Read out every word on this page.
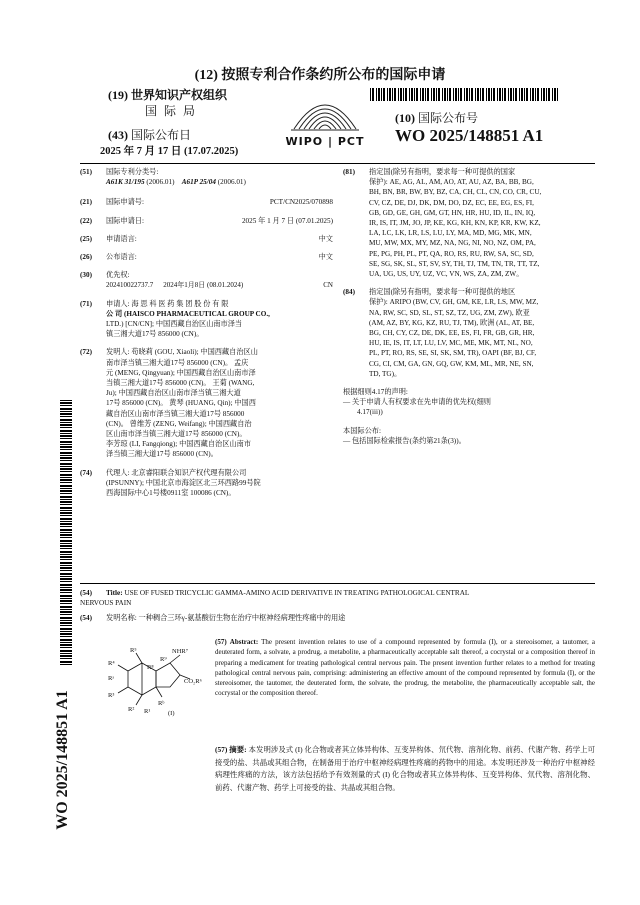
(12) 按照专利合作条约所公布的国际申请
(19) 世界知识产权组织
国 际 局
(43) 国际公布日
2025 年 7 月 17 日 (17.07.2025)
WIPO | PCT
(10) 国际公布号
WO 2025/148851 A1
WO 2025/148851 A1
(51)	国际专利分类号:
A61K 31/195 (2006.01) A61P 25/04 (2006.01)
(21)	国际申请号:	PCT/CN2025/070898
(22)	国际申请日:	2025 年 1 月 7 日 (07.01.2025)
(25)	申请语言:	中文
(26)	公布语言:	中文
(30)	优先权:
202410022737.7 2024年1月8日 (08.01.2024)	CN
(71)	申请人: 海 思 科 医 药 集 团 股 份 有 限

公 司 (HAISCO PHARMACEUTICAL GROUP CO.,

LTD.) [CN/CN]; 中国西藏自治区山南市泽当

镇三湘大道17号 856000 (CN)。

(72)	发明人: 苟晓莉 (GOU, Xiaoli); 中国西藏自治区山

南市泽当镇三湘大道17号 856000 (CN)。 孟庆

元 (MENG, Qingyuan); 中国西藏自治区山南市泽

当镇三湘大道17号 856000 (CN)。 王菊 (WANG,

Ju); 中国西藏自治区山南市泽当镇三湘大道

17号 856000 (CN)。 黄琴 (HUANG, Qin); 中国西

藏自治区山南市泽当镇三湘大道17号 856000

(CN)。 曾维芳 (ZENG, Weifang); 中国西藏自治

区山南市泽当镇三湘大道17号 856000 (CN)。

李芳琼 (LI, Fangqiong); 中国西藏自治区山南市

泽当镇三湘大道17号 856000 (CN)。

(74)	代理人: 北京睿阳联合知识产权代理有限公司

(IPSUNNY); 中国北京市海淀区北三环西路99号院

西海国际中心1号楼0911室 100086 (CN)。

(81)	指定国(除另有指明，要求每一种可提供的国家

保护): AE, AG, AL, AM, AO, AT, AU, AZ, BA, BB, BG,

BH, BN, BR, BW, BY, BZ, CA, CH, CL, CN, CO, CR, CU,

CV, CZ, DE, DJ, DK, DM, DO, DZ, EC, EE, EG, ES, FI,

GB, GD, GE, GH, GM, GT, HN, HR, HU, ID, IL, IN, IQ,

IR, IS, IT, JM, JO, JP, KE, KG, KH, KN, KP, KR, KW, KZ,

LA, LC, LK, LR, LS, LU, LY, MA, MD, MG, MK, MN,

MU, MW, MX, MY, MZ, NA, NG, NI, NO, NZ, OM, PA,

PE, PG, PH, PL, PT, QA, RO, RS, RU, RW, SA, SC, SD,

SE, SG, SK, SL, ST, SV, SY, TH, TJ, TM, TN, TR, TT, TZ,

UA, UG, US, UY, UZ, VC, VN, WS, ZA, ZM, ZW。

(84)	指定国(除另有指明，要求每一种可提供的地区

保护): ARIPO (BW, CV, GH, GM, KE, LR, LS, MW, MZ,

NA, RW, SC, SD, SL, ST, SZ, TZ, UG, ZM, ZW), 欧亚

(AM, AZ, BY, KG, KZ, RU, TJ, TM), 欧洲 (AL, AT, BE,

BG, CH, CY, CZ, DE, DK, EE, ES, FI, FR, GB, GR, HR,

HU, IE, IS, IT, LT, LU, LV, MC, ME, MK, MT, NL, NO,

PL, PT, RO, RS, SE, SI, SK, SM, TR), OAPI (BF, BJ, CF,

CG, CI, CM, GA, GN, GQ, GW, KM, ML, MR, NE, SN,

TD, TG)。

根据细则4.17的声明:

— 关于申请人有权要求在先申请的优先权(细则

4.17(iii))

本国际公布:

— 包括国际检索报告(条约第21条(3))。

(54)	Title: USE OF FUSED TRICYCLIC GAMMA-AMINO ACID DERIVATIVE IN TREATING PATHOLOGICAL CENTRAL
NERVOUS PAIN
(54)	发明名称: 一种稠合三环γ-氨基酸衍生物在治疗中枢神经病理性疼痛中的用途
NHR⁷
CO₂R⁶
R⁵
R⁴
Rᵃ
R³
R² R¹
Rᵇ
R⁹
R⁸
(I)

(57) Abstract: The present invention relates to use of a compound represented by formula (I), or a stereoisomer, a tautomer, a deuterated form, a solvate, a prodrug, a metabolite, a pharmaceutically acceptable salt thereof, a cocrystal or a composition thereof in preparing a medicament for treating pathological central nervous pain. The present invention further relates to a method for treating pathological central nervous pain, comprising: administering an effective amount of the compound represented by formula (I), or the stereoisomer, the tautomer, the deuterated form, the solvate, the prodrug, the metabolite, the pharmaceutically acceptable salt, the cocrystal or the composition thereof.

(57) 摘要: 本发明涉及式 (I) 化合物或者其立体异构体、互变异构体、氘代物、溶剂化物、前药、代谢产物、药学上可接受的盐、共晶或其组合物，在制备用于治疗中枢神经病理性疼痛的药物中的用途。本发明还涉及一种治疗中枢神经病理性疼痛的方法，该方法包括给予有效剂量的式 (I) 化合物或者其立体异构体、互变异构体、氘代物、溶剂化物、前药、代谢产物、药学上可接受的盐、共晶或其组合物。
